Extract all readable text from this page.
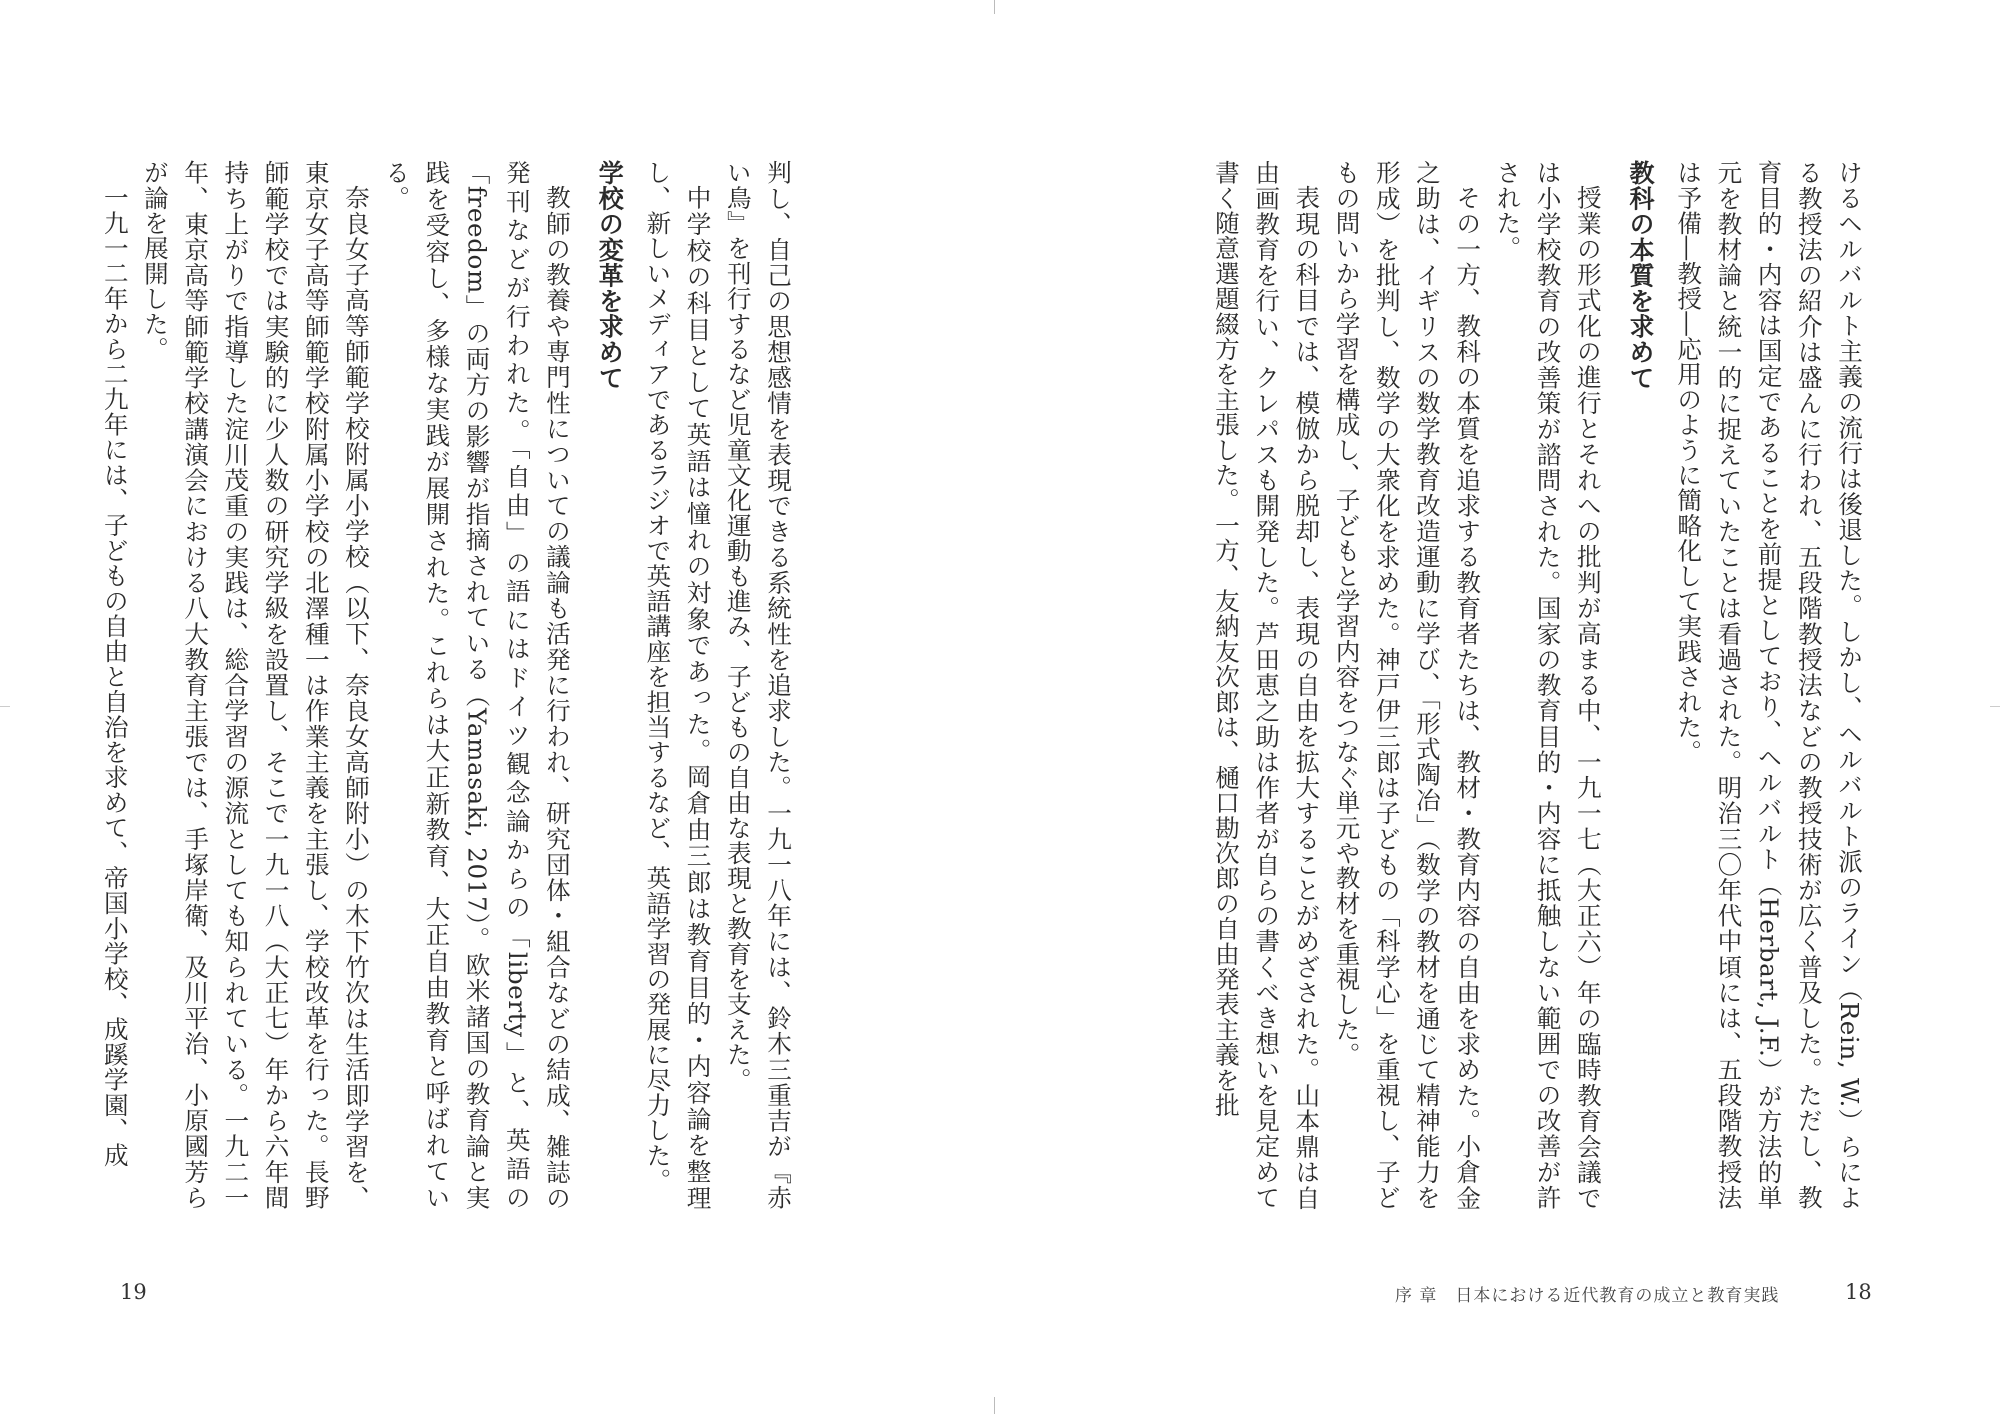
けるヘルバルト主義の流行は後退した。しかし、ヘルバルト派のライン（Rein, W.）らによる教授法の紹介は盛んに行われ、五段階教授法などの教授技術が広く普及した。ただし、教育目的・内容は国定であることを前提としており、ヘルバルト（Herbart, J.F.）が方法的単元を教材論と統一的に捉えていたことは看過された。明治三〇年代中頃には、五段階教授法は予備―教授―応用のように簡略化して実践された。

教科の本質を求めて

授業の形式化の進行とそれへの批判が高まる中、一九一七（大正六）年の臨時教育会議では小学校教育の改善策が諮問された。国家の教育目的・内容に抵触しない範囲での改善が許された。

その一方、教科の本質を追求する教育者たちは、教材・教育内容の自由を求めた。小倉金之助は、イギリスの数学教育改造運動に学び、「形式陶冶」（数学の教材を通じて精神能力を形成）を批判し、数学の大衆化を求めた。神戸伊三郎は子どもの「科学心」を重視し、子どもの問いから学習を構成し、子どもと学習内容をつなぐ単元や教材を重視した。

表現の科目では、模倣から脱却し、表現の自由を拡大することがめざされた。山本鼎は自由画教育を行い、クレパスも開発した。芦田恵之助は作者が自らの書くべき想いを見定めて書く随意選題綴方を主張した。一方、友納友次郎は、樋口勘次郎の自由発表主義を批

序 章　日本における近代教育の成立と教育実践	18

判し、自己の思想感情を表現できる系統性を追求した。一九一八年には、鈴木三重吉が『赤い鳥』を刊行するなど児童文化運動も進み、子どもの自由な表現と教育を支えた。

中学校の科目として英語は憧れの対象であった。岡倉由三郎は教育目的・内容論を整理し、新しいメディアであるラジオで英語講座を担当するなど、英語学習の発展に尽力した。

学校の変革を求めて

教師の教養や専門性についての議論も活発に行われ、研究団体・組合などの結成、雑誌の発刊などが行われた。「自由」の語にはドイツ観念論からの「liberty」と、英語の「freedom」の両方の影響が指摘されている（Yamasaki, 2017）。欧米諸国の教育論と実践を受容し、多様な実践が展開された。これらは大正新教育、大正自由教育と呼ばれている。

奈良女子高等師範学校附属小学校（以下、奈良女高師附小）の木下竹次は生活即学習を、東京女子高等師範学校附属小学校の北澤種一は作業主義を主張し、学校改革を行った。長野師範学校では実験的に少人数の研究学級を設置し、そこで一九一八（大正七）年から六年間持ち上がりで指導した淀川茂重の実践は、総合学習の源流としても知られている。一九二一年、東京高等師範学校講演会における八大教育主張では、手塚岸衛、及川平治、小原國芳らが論を展開した。

一九一二年から二九年には、子どもの自由と自治を求めて、帝国小学校、成蹊学園、成

19
